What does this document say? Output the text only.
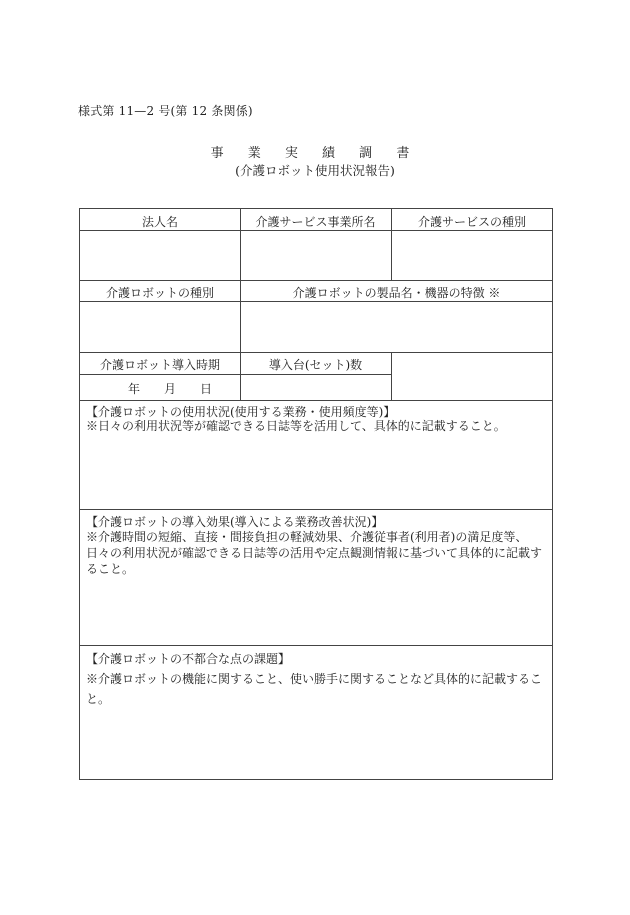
様式第 11—2 号(第 12 条関係)
事 業 実 績 調 書
(介護ロボット使用状況報告)
法人名	介護サービス事業所名	介護サービスの種別
介護ロボットの種別	介護ロボットの製品名・機器の特徴 ※
介護ロボット導入時期	導入台(セット)数
年　　月　　日
【介護ロボットの使用状況(使用する業務・使用頻度等)】
※日々の利用状況等が確認できる日誌等を活用して、具体的に記載すること。
【介護ロボットの導入効果(導入による業務改善状況)】
※介護時間の短縮、直接・間接負担の軽減効果、介護従事者(利用者)の満足度等、日々の利用状況が確認できる日誌等の活用や定点観測情報に基づいて具体的に記載すること。
【介護ロボットの不都合な点の課題】
※介護ロボットの機能に関すること、使い勝手に関することなど具体的に記載すること。
